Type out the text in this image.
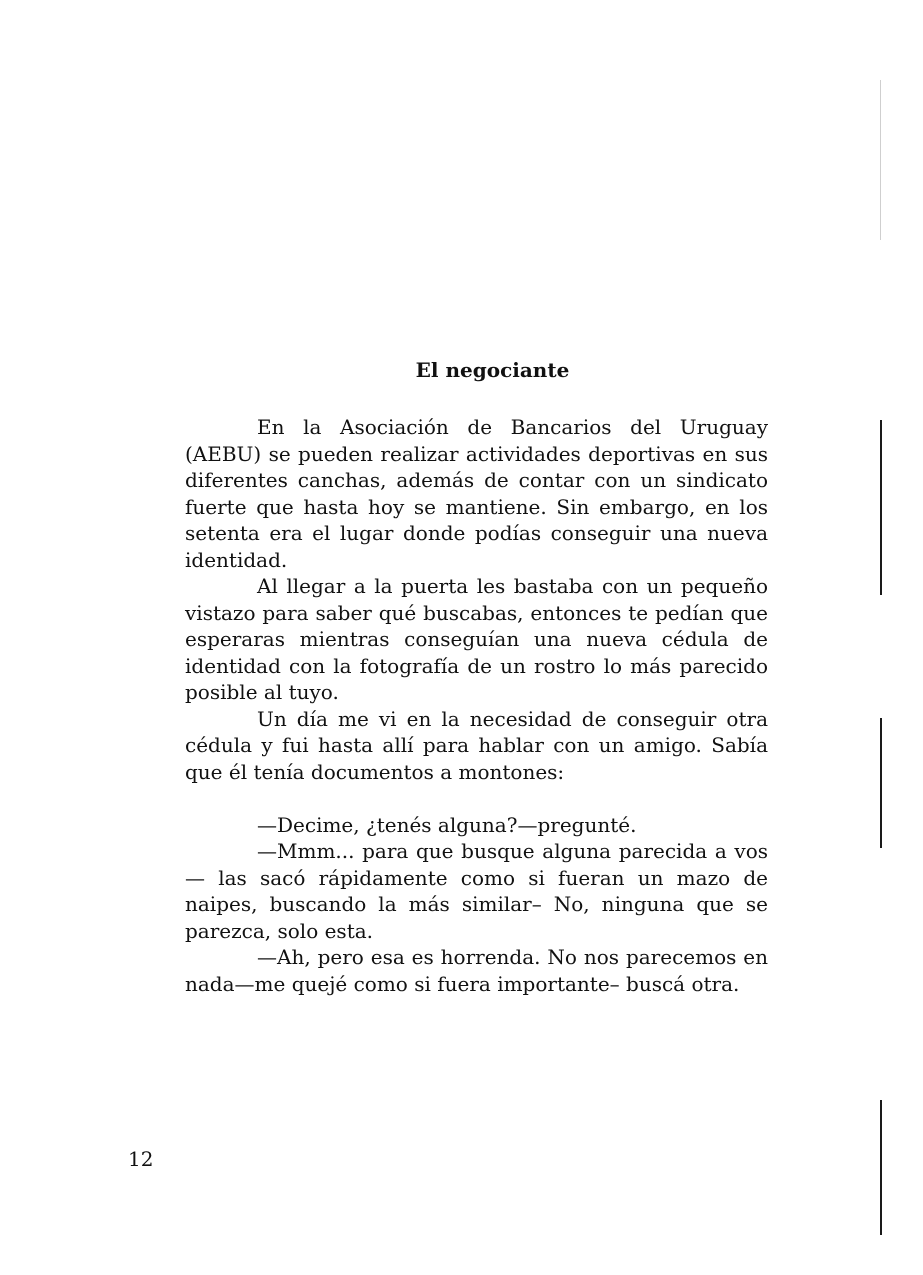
El negociante

En la Asociación de Bancarios del Uruguay (AEBU) se pueden realizar actividades deportivas en sus diferentes canchas, además de contar con un sindicato fuerte que hasta hoy se mantiene. Sin embargo, en los setenta era el lugar donde podías conseguir una nueva identidad.

Al llegar a la puerta les bastaba con un pequeño vistazo para saber qué buscabas, entonces te pedían que esperaras mientras conseguían una nueva cédula de identidad con la fotografía de un rostro lo más parecido posible al tuyo.

Un día me vi en la necesidad de conseguir otra cédula y fui hasta allí para hablar con un amigo. Sabía que él tenía documentos a montones:

—Decime, ¿tenés alguna?—pregunté.

—Mmm... para que busque alguna parecida a vos— las sacó rápidamente como si fueran un mazo de naipes, buscando la más similar– No, ninguna que se parezca, solo esta.

—Ah, pero esa es horrenda. No nos parecemos en nada—me quejé como si fuera importante– buscá otra.

12
